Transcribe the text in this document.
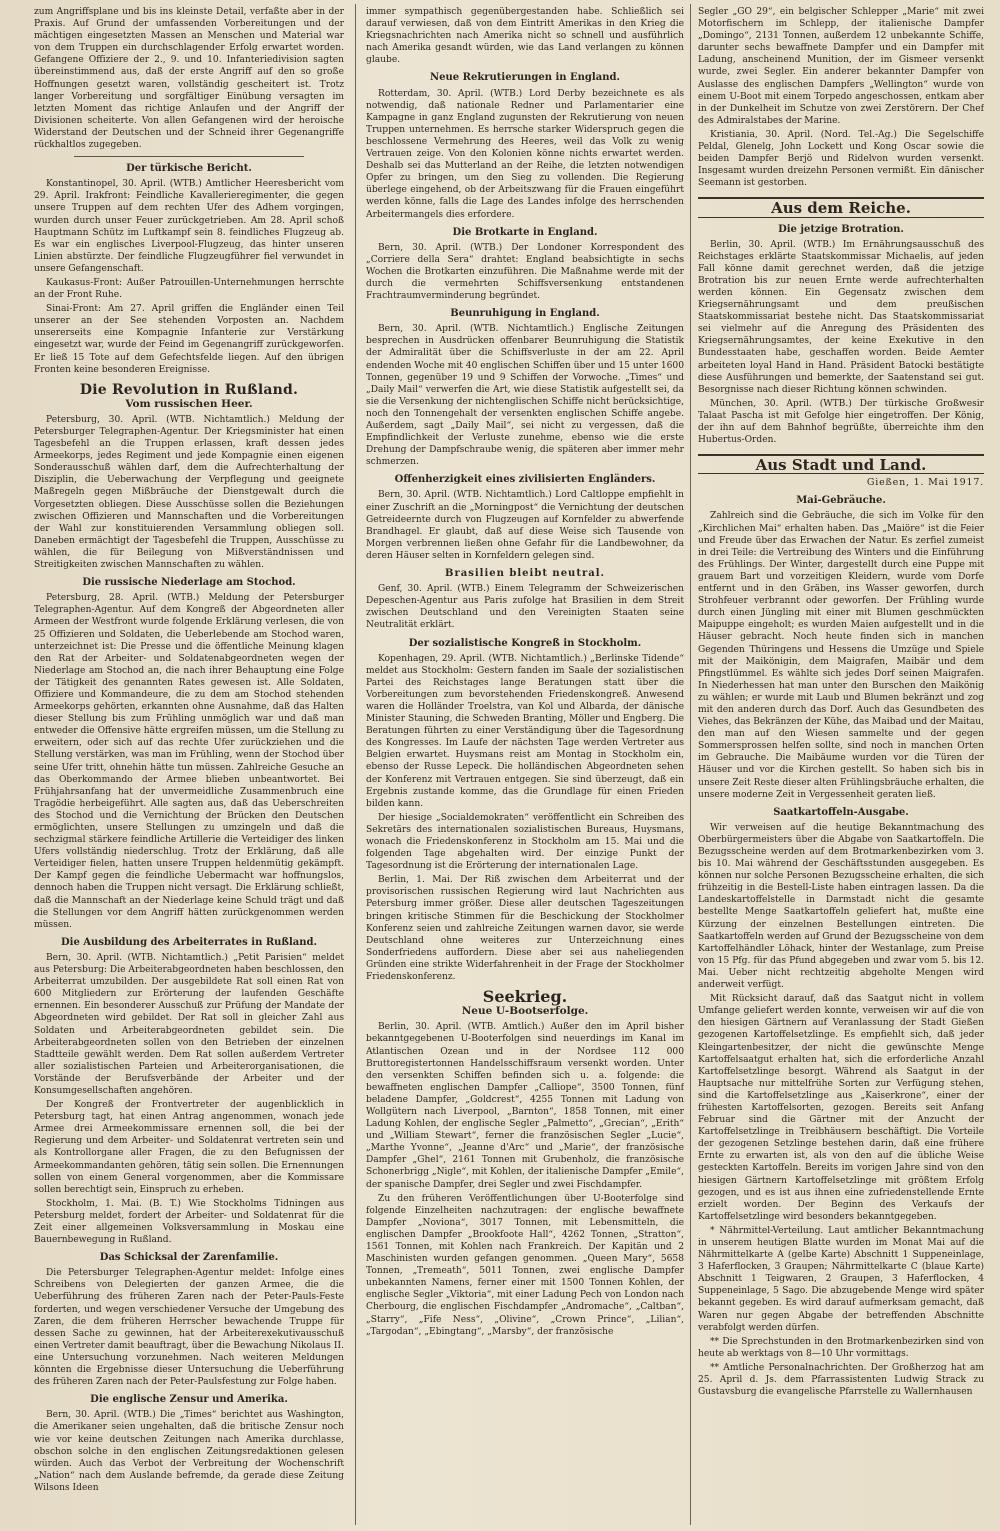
zum Angriffsplane und bis ins kleinste Detail, verfaßte aber in der Praxis. Auf Grund der umfassenden Vorbereitungen und der mächtigen eingesetzten Massen an Menschen und Material war von dem Truppen ein durchschlagender Erfolg erwartet worden. Gefangene Offiziere der 2., 9. und 10. Infanteriedivision sagten übereinstimmend aus, daß der erste Angriff auf den so große Hoffnungen gesetzt waren, vollständig gescheitert ist. Trotz langer Vorbereitung und sorgfältiger Einübung versagten im letzten Moment das richtige Anlaufen und der Angriff der Divisionen scheiterte. Von allen Gefangenen wird der heroische Widerstand der Deutschen und der Schneid ihrer Gegenangriffe rückhaltlos zugegeben.

Der türkische Bericht.

Konstantinopel, 30. April. (WTB.) Amtlicher Heeresbericht vom 29. April. Irakfront: Feindliche Kavallerieregimenter, die gegen unsere Truppen auf dem rechten Ufer des Adhem vorgingen, wurden durch unser Feuer zurückgetrieben. Am 28. April schoß Hauptmann Schütz im Luftkampf sein 8. feindliches Flugzeug ab. Es war ein englisches Liverpool-Flugzeug, das hinter unseren Linien abstürzte. Der feindliche Flugzeugführer fiel verwundet in unsere Gefangenschaft.

Kaukasus-Front: Außer Patrouillen-Unternehmungen herrschte an der Front Ruhe.

Sinai-Front: Am 27. April griffen die Engländer einen Teil unserer an der See stehenden Vorposten an. Nachdem unsererseits eine Kompagnie Infanterie zur Verstärkung eingesetzt war, wurde der Feind im Gegenangriff zurückgeworfen. Er ließ 15 Tote auf dem Gefechtsfelde liegen. Auf den übrigen Fronten keine besonderen Ereignisse.

Die Revolution in Rußland.
Vom russischen Heer.

Petersburg, 30. April. (WTB. Nichtamtlich.) Meldung der Petersburger Telegraphen-Agentur. Der Kriegsminister hat einen Tagesbefehl an die Truppen erlassen, kraft dessen jedes Armeekorps, jedes Regiment und jede Kompagnie einen eigenen Sonderausschuß wählen darf, dem die Aufrechterhaltung der Disziplin, die Ueberwachung der Verpflegung und geeignete Maßregeln gegen Mißbräuche der Dienstgewalt durch die Vorgesetzten obliegen. Diese Ausschüsse sollen die Beziehungen zwischen Offizieren und Mannschaften und die Vorbereitungen der Wahl zur konstituierenden Versammlung obliegen soll. Daneben ermächtigt der Tagesbefehl die Truppen, Ausschüsse zu wählen, die für Beilegung von Mißverständnissen und Streitigkeiten zwischen Mannschaften zu wählen.

Die russische Niederlage am Stochod.

Petersburg, 28. April. (WTB.) Meldung der Petersburger Telegraphen-Agentur. Auf dem Kongreß der Abgeordneten aller Armeen der Westfront wurde folgende Erklärung verlesen, die von 25 Offizieren und Soldaten, die Ueberlebende am Stochod waren, unterzeichnet ist: Die Presse und die öffentliche Meinung klagen den Rat der Arbeiter- und Soldatenabgeordneten wegen der Niederlage am Stochod an, die nach ihrer Behauptung eine Folge der Tätigkeit des genannten Rates gewesen ist. Alle Soldaten, Offiziere und Kommandeure, die zu dem am Stochod stehenden Armeekorps gehörten, erkannten ohne Ausnahme, daß das Halten dieser Stellung bis zum Frühling unmöglich war und daß man entweder die Offensive hätte ergreifen müssen, um die Stellung zu erweitern, oder sich auf das rechte Ufer zurückziehen und die Stellung verstärken, was man im Frühling, wenn der Stochod über seine Ufer tritt, ohnehin hätte tun müssen. Zahlreiche Gesuche an das Oberkommando der Armee blieben unbeantwortet. Bei Frühjahrsanfang hat der unvermeidliche Zusammenbruch eine Tragödie herbeigeführt. Alle sagten aus, daß das Ueberschreiten des Stochod und die Vernichtung der Brücken den Deutschen ermöglichten, unsere Stellungen zu umzingeln und daß die sechzigmal stärkere feindliche Artillerie die Verteidiger des linken Ufers vollständig niederschlug. Trotz der Erklärung, daß alle Verteidiger fielen, hatten unsere Truppen heldenmütig gekämpft. Der Kampf gegen die feindliche Uebermacht war hoffnungslos, dennoch haben die Truppen nicht versagt. Die Erklärung schließt, daß die Mannschaft an der Niederlage keine Schuld trägt und daß die Stellungen vor dem Angriff hätten zurückgenommen werden müssen.

Die Ausbildung des Arbeiterrates in Rußland.

Bern, 30. April. (WTB. Nichtamtlich.) „Petit Parisien“ meldet aus Petersburg: Die Arbeiterabgeordneten haben beschlossen, den Arbeiterrat umzubilden. Der ausgebildete Rat soll einen Rat von 600 Mitgliedern zur Erörterung der laufenden Geschäfte ernennen. Ein besonderer Ausschuß zur Prüfung der Mandate der Abgeordneten wird gebildet. Der Rat soll in gleicher Zahl aus Soldaten und Arbeiterabgeordneten gebildet sein. Die Arbeiterabgeordneten sollen von den Betrieben der einzelnen Stadtteile gewählt werden. Dem Rat sollen außerdem Vertreter aller sozialistischen Parteien und Arbeiterorganisationen, die Vorstände der Berufsverbände der Arbeiter und der Konsumgesellschaften angehören.

Der Kongreß der Frontvertreter der augenblicklich in Petersburg tagt, hat einen Antrag angenommen, wonach jede Armee drei Armeekommissare ernennen soll, die bei der Regierung und dem Arbeiter- und Soldatenrat vertreten sein und als Kontrollorgane aller Fragen, die zu den Befugnissen der Armeekommandanten gehören, tätig sein sollen. Die Ernennungen sollen von einem General vorgenommen, aber die Kommissare sollen berechtigt sein, Einspruch zu erheben.

Stockholm, 1. Mai. (B. T.) Wie Stockholms Tidningen aus Petersburg meldet, fordert der Arbeiter- und Soldatenrat für die Zeit einer allgemeinen Volksversammlung in Moskau eine Bauernbewegung in Rußland.

Das Schicksal der Zarenfamilie.

Die Petersburger Telegraphen-Agentur meldet: Infolge eines Schreibens von Delegierten der ganzen Armee, die die Ueberführung des früheren Zaren nach der Peter-Pauls-Feste forderten, und wegen verschiedener Versuche der Umgebung des Zaren, die dem früheren Herrscher bewachende Truppe für dessen Sache zu gewinnen, hat der Arbeiterexekutivausschuß einen Vertreter damit beauftragt, über die Bewachung Nikolaus II. eine Untersuchung vorzunehmen. Nach weiteren Meldungen könnten die Ergebnisse dieser Untersuchung die Ueberführung des früheren Zaren nach der Peter-Paulsfestung zur Folge haben.

Die englische Zensur und Amerika.

Bern, 30. April. (WTB.) Die „Times“ berichtet aus Washington, die Amerikaner seien ungehalten, daß die britische Zensur noch wie vor keine deutschen Zeitungen nach Amerika durchlasse, obschon solche in den englischen Zeitungsredaktionen gelesen würden. Auch das Verbot der Verbreitung der Wochenschrift „Nation“ nach dem Auslande befremde, da gerade diese Zeitung Wilsons Ideen

immer sympathisch gegenübergestanden habe. Schließlich sei darauf verwiesen, daß von dem Eintritt Amerikas in den Krieg die Kriegsnachrichten nach Amerika nicht so schnell und ausführlich nach Amerika gesandt würden, wie das Land verlangen zu können glaube.

Neue Rekrutierungen in England.

Rotterdam, 30. April. (WTB.) Lord Derby bezeichnete es als notwendig, daß nationale Redner und Parlamentarier eine Kampagne in ganz England zugunsten der Rekrutierung von neuen Truppen unternehmen. Es herrsche starker Widerspruch gegen die beschlossene Vermehrung des Heeres, weil das Volk zu wenig Vertrauen zeige. Von den Kolonien könne nichts erwartet werden. Deshalb sei das Mutterland an der Reihe, die letzten notwendigen Opfer zu bringen, um den Sieg zu vollenden. Die Regierung überlege eingehend, ob der Arbeitszwang für die Frauen eingeführt werden könne, falls die Lage des Landes infolge des herrschenden Arbeitermangels dies erfordere.

Die Brotkarte in England.

Bern, 30. April. (WTB.) Der Londoner Korrespondent des „Corriere della Sera“ drahtet: England beabsichtigte in sechs Wochen die Brotkarten einzuführen. Die Maßnahme werde mit der durch die vermehrten Schiffsversenkung entstandenen Frachtraumverminderung begründet.

Beunruhigung in England.

Bern, 30. April. (WTB. Nichtamtlich.) Englische Zeitungen besprechen in Ausdrücken offenbarer Beunruhigung die Statistik der Admiralität über die Schiffsverluste in der am 22. April endenden Woche mit 40 englischen Schiffen über und 15 unter 1600 Tonnen, gegenüber 19 und 9 Schiffen der Vorwoche. „Times“ und „Daily Mail“ verwerfen die Art, wie diese Statistik aufgestellt sei, da sie die Versenkung der nichtenglischen Schiffe nicht berücksichtige, noch den Tonnengehalt der versenkten englischen Schiffe angebe. Außerdem, sagt „Daily Mail“, sei nicht zu vergessen, daß die Empfindlichkeit der Verluste zunehme, ebenso wie die erste Drehung der Dampfschraube wenig, die späteren aber immer mehr schmerzen.

Offenherzigkeit eines zivilisierten Engländers.

Bern, 30. April. (WTB. Nichtamtlich.) Lord Caltloppe empfiehlt in einer Zuschrift an die „Morningpost“ die Vernichtung der deutschen Getreideernte durch von Flugzeugen auf Kornfelder zu abwerfende Brandhagel. Er glaubt, daß auf diese Weise sich Tausende von Morgen verbrennen ließen ohne Gefahr für die Landbewohner, da deren Häuser selten in Kornfeldern gelegen sind.

Brasilien bleibt neutral.

Genf, 30. April. (WTB.) Einem Telegramm der Schweizerischen Depeschen-Agentur aus Paris zufolge hat Brasilien in dem Streit zwischen Deutschland und den Vereinigten Staaten seine Neutralität erklärt.

Der sozialistische Kongreß in Stockholm.

Kopenhagen, 29. April. (WTB. Nichtamtlich.) „Berlinske Tidende“ meldet aus Stockholm: Gestern fanden im Saale der sozialistischen Partei des Reichstages lange Beratungen statt über die Vorbereitungen zum bevorstehenden Friedenskongreß. Anwesend waren die Holländer Troelstra, van Kol und Albarda, der dänische Minister Stauning, die Schweden Branting, Möller und Engberg. Die Beratungen führten zu einer Verständigung über die Tagesordnung des Kongresses. Im Laufe der nächsten Tage werden Vertreter aus Belgien erwartet. Huysmans reist am Montag in Stockholm ein, ebenso der Russe Lepeck. Die holländischen Abgeordneten sehen der Konferenz mit Vertrauen entgegen. Sie sind überzeugt, daß ein Ergebnis zustande komme, das die Grundlage für einen Frieden bilden kann.

Der hiesige „Socialdemokraten“ veröffentlicht ein Schreiben des Sekretärs des internationalen sozialistischen Bureaus, Huysmans, wonach die Friedenskonferenz in Stockholm am 15. Mai und die folgenden Tage abgehalten wird. Der einzige Punkt der Tagesordnung ist die Erörterung der internationalen Lage.

Berlin, 1. Mai. Der Riß zwischen dem Arbeiterrat und der provisorischen russischen Regierung wird laut Nachrichten aus Petersburg immer größer. Diese aller deutschen Tageszeitungen bringen kritische Stimmen für die Beschickung der Stockholmer Konferenz seien und zahlreiche Zeitungen warnen davor, sie werde Deutschland ohne weiteres zur Unterzeichnung eines Sonderfriedens auffordern. Diese aber sei aus naheliegenden Gründen eine strikte Widerfahrenheit in der Frage der Stockholmer Friedenskonferenz.

Seekrieg.
Neue U-Bootserfolge.

Berlin, 30. April. (WTB. Amtlich.) Außer den im April bisher bekanntgegebenen U-Booterfolgen sind neuerdings im Kanal im Atlantischen Ozean und in der Nordsee 112 000 Bruttoregistertonnen Handelsschiffsraum versenkt worden. Unter den versenkten Schiffen befinden sich u. a. folgende: die bewaffneten englischen Dampfer „Calliope“, 3500 Tonnen, fünf beladene Dampfer, „Goldcrest“, 4255 Tonnen mit Ladung von Wollgütern nach Liverpool, „Barnton“, 1858 Tonnen, mit einer Ladung Kohlen, der englische Segler „Palmetto“, „Grecian“, „Erith“ und „William Stewart“, ferner die französischen Segler „Lucie“, „Marthe Yvonne“, „Jeanne d'Arc“ und „Marie“, der französische Dampfer „Ghel“, 2161 Tonnen mit Grubenholz, die französische Schonerbrigg „Nigle“, mit Kohlen, der italienische Dampfer „Emile“, der spanische Dampfer, drei Segler und zwei Fischdampfer.

Zu den früheren Veröffentlichungen über U-Booterfolge sind folgende Einzelheiten nachzutragen: der englische bewaffnete Dampfer „Noviona“, 3017 Tonnen, mit Lebensmitteln, die englischen Dampfer „Brookfoote Hall“, 4262 Tonnen, „Stratton“, 1561 Tonnen, mit Kohlen nach Frankreich. Der Kapitän und 2 Maschinisten wurden gefangen genommen. „Queen Mary“, 5658 Tonnen, „Tremeath“, 5011 Tonnen, zwei englische Dampfer unbekannten Namens, ferner einer mit 1500 Tonnen Kohlen, der englische Segler „Viktoria“, mit einer Ladung Pech von London nach Cherbourg, die englischen Fischdampfer „Andromache“, „Caltban“, „Starry“, „Fife Ness“, „Olivine“, „Crown Prince“, „Lilian“, „Targodan“, „Ebingtang“, „Marsby“, der französische

Segler „GO 29“, ein belgischer Schlepper „Marie“ mit zwei Motorfischern im Schlepp, der italienische Dampfer „Domingo“, 2131 Tonnen, außerdem 12 unbekannte Schiffe, darunter sechs bewaffnete Dampfer und ein Dampfer mit Ladung, anscheinend Munition, der im Gismeer versenkt wurde, zwei Segler. Ein anderer bekannter Dampfer von Auslasse des englischen Dampfers „Wellington“ wurde von einem U-Boot mit einem Torpedo angeschossen, entkam aber in der Dunkelheit im Schutze von zwei Zerstörern. Der Chef des Admiralstabes der Marine.

Kristiania, 30. April. (Nord. Tel.-Ag.) Die Segelschiffe Peldal, Glenelg, John Lockett und Kong Oscar sowie die beiden Dampfer Berjö und Ridelvon wurden versenkt. Insgesamt wurden dreizehn Personen vermißt. Ein dänischer Seemann ist gestorben.

Aus dem Reiche.
Die jetzige Brotration.

Berlin, 30. April. (WTB.) Im Ernährungsausschuß des Reichstages erklärte Staatskommissar Michaelis, auf jeden Fall könne damit gerechnet werden, daß die jetzige Brotration bis zur neuen Ernte werde aufrechterhalten werden können. Ein Gegensatz zwischen dem Kriegsernährungsamt und dem preußischen Staatskommissariat bestehe nicht. Das Staatskommissariat sei vielmehr auf die Anregung des Präsidenten des Kriegsernährungsamtes, der keine Exekutive in den Bundesstaaten habe, geschaffen worden. Beide Aemter arbeiteten loyal Hand in Hand. Präsident Batocki bestätigte diese Ausführungen und bemerkte, der Saatenstand sei gut. Besorgnisse nach dieser Richtung können schwinden.

München, 30. April. (WTB.) Der türkische Großwesir Talaat Pascha ist mit Gefolge hier eingetroffen. Der König, der ihn auf dem Bahnhof begrüßte, überreichte ihm den Hubertus-Orden.

Aus Stadt und Land.
Gießen, 1. Mai 1917.
Mai-Gebräuche.

Zahlreich sind die Gebräuche, die sich im Volke für den „Kirchlichen Mai“ erhalten haben. Das „Maiöre“ ist die Feier und Freude über das Erwachen der Natur. Es zerfiel zumeist in drei Teile: die Vertreibung des Winters und die Einführung des Frühlings. Der Winter, dargestellt durch eine Puppe mit grauem Bart und vorzeitigen Kleidern, wurde vom Dorfe entfernt und in den Gräben, ins Wasser geworfen, durch Strohfeuer verbrannt oder geworfen. Der Frühling wurde durch einen Jüngling mit einer mit Blumen geschmückten Maipuppe eingeholt; es wurden Maien aufgestellt und in die Häuser gebracht. Noch heute finden sich in manchen Gegenden Thüringens und Hessens die Umzüge und Spiele mit der Maikönigin, dem Maigrafen, Maibär und dem Pfingstlümmel. Es wählte sich jedes Dorf seinen Maigrafen. In Niederhessen hat man unter den Burschen den Maikönig zu wählen; er wurde mit Laub und Blumen bekränzt und zog mit den anderen durch das Dorf. Auch das Gesundbeten des Viehes, das Bekränzen der Kühe, das Maibad und der Maitau, den man auf den Wiesen sammelte und der gegen Sommersprossen helfen sollte, sind noch in manchen Orten im Gebrauche. Die Maibäume wurden vor die Türen der Häuser und vor die Kirchen gestellt. So haben sich bis in unsere Zeit Reste dieser alten Frühlingsbräuche erhalten, die unsere moderne Zeit in Vergessenheit geraten ließ.

Saatkartoffeln-Ausgabe.

Wir verweisen auf die heutige Bekanntmachung des Oberbürgermeisters über die Abgabe von Saatkartoffeln. Die Bezugsscheine werden auf dem Brotmarkenbezirken vom 3. bis 10. Mai während der Geschäftsstunden ausgegeben. Es können nur solche Personen Bezugsscheine erhalten, die sich frühzeitig in die Bestell-Liste haben eintragen lassen. Da die Landeskartoffelstelle in Darmstadt nicht die gesamte bestellte Menge Saatkartoffeln geliefert hat, mußte eine Kürzung der einzelnen Bestellungen eintreten. Die Saatkartoffeln werden auf Grund der Bezugsscheine von dem Kartoffelhändler Löhack, hinter der Westanlage, zum Preise von 15 Pfg. für das Pfund abgegeben und zwar vom 5. bis 12. Mai. Ueber nicht rechtzeitig abgeholte Mengen wird anderweit verfügt.

Mit Rücksicht darauf, daß das Saatgut nicht in vollem Umfange geliefert werden konnte, verweisen wir auf die von den hiesigen Gärtnern auf Veranlassung der Stadt Gießen gezogenen Kartoffelsetzlinge. Es empfiehlt sich, daß jeder Kleingartenbesitzer, der nicht die gewünschte Menge Kartoffelsaatgut erhalten hat, sich die erforderliche Anzahl Kartoffelsetzlinge besorgt. Während als Saatgut in der Hauptsache nur mittelfrühe Sorten zur Verfügung stehen, sind die Kartoffelsetzlinge aus „Kaiserkrone“, einer der frühesten Kartoffelsorten, gezogen. Bereits seit Anfang Februar sind die Gärtner mit der Anzucht der Kartoffelsetzlinge in Treibhäusern beschäftigt. Die Vorteile der gezogenen Setzlinge bestehen darin, daß eine frühere Ernte zu erwarten ist, als von den auf die übliche Weise gesteckten Kartoffeln. Bereits im vorigen Jahre sind von den hiesigen Gärtnern Kartoffelsetzlinge mit größtem Erfolg gezogen, und es ist aus ihnen eine zufriedenstellende Ernte erzielt worden. Der Beginn des Verkaufs der Kartoffelsetzlinge wird besonders bekanntgegeben.

* Nährmittel-Verteilung. Laut amtlicher Bekanntmachung in unserem heutigen Blatte wurden im Monat Mai auf die Nährmittelkarte A (gelbe Karte) Abschnitt 1 Suppeneinlage, 3 Haferflocken, 3 Graupen; Nährmittelkarte C (blaue Karte) Abschnitt 1 Teigwaren, 2 Graupen, 3 Haferflocken, 4 Suppeneinlage, 5 Sago. Die abzugebende Menge wird später bekannt gegeben. Es wird darauf aufmerksam gemacht, daß Waren nur gegen Abgabe der betreffenden Abschnitte verabfolgt werden dürfen.

** Die Sprechstunden in den Brotmarkenbezirken sind von heute ab werktags von 8—10 Uhr vormittags.

** Amtliche Personalnachrichten. Der Großherzog hat am 25. April d. Js. dem Pfarrassistenten Ludwig Strack zu Gustavsburg die evangelische Pfarrstelle zu Wallernhausen
